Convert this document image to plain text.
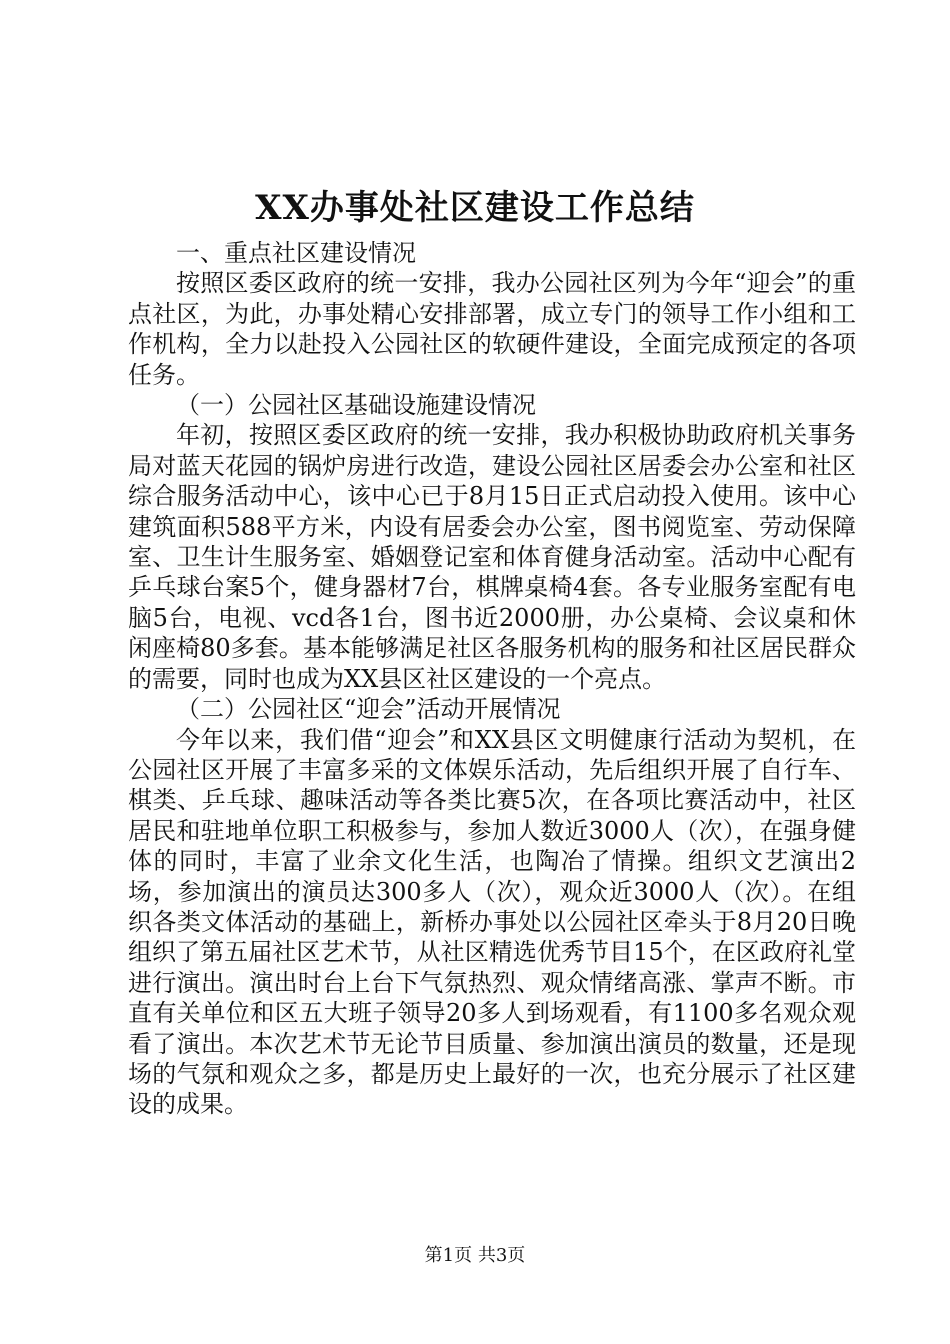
XX办事处社区建设工作总结

一、重点社区建设情况

按照区委区政府的统一安排，我办公园社区列为今年“迎会”的重点社区，为此，办事处精心安排部署，成立专门的领导工作小组和工作机构，全力以赴投入公园社区的软硬件建设，全面完成预定的各项任务。

（一）公园社区基础设施建设情况

年初，按照区委区政府的统一安排，我办积极协助政府机关事务局对蓝天花园的锅炉房进行改造，建设公园社区居委会办公室和社区综合服务活动中心，该中心已于8月15日正式启动投入使用。该中心建筑面积588平方米，内设有居委会办公室，图书阅览室、劳动保障室、卫生计生服务室、婚姻登记室和体育健身活动室。活动中心配有乒乓球台案5个，健身器材7台，棋牌桌椅4套。各专业服务室配有电脑5台，电视、vcd各1台，图书近2000册，办公桌椅、会议桌和休闲座椅80多套。基本能够满足社区各服务机构的服务和社区居民群众的需要，同时也成为XX县区社区建设的一个亮点。

（二）公园社区“迎会”活动开展情况

今年以来，我们借“迎会”和XX县区文明健康行活动为契机，在公园社区开展了丰富多采的文体娱乐活动，先后组织开展了自行车、棋类、乒乓球、趣味活动等各类比赛5次，在各项比赛活动中，社区居民和驻地单位职工积极参与，参加人数近3000人（次），在强身健体的同时，丰富了业余文化生活，也陶冶了情操。组织文艺演出2场，参加演出的演员达300多人（次），观众近3000人（次）。在组织各类文体活动的基础上，新桥办事处以公园社区牵头于8月20日晚组织了第五届社区艺术节，从社区精选优秀节目15个，在区政府礼堂进行演出。演出时台上台下气氛热烈、观众情绪高涨、掌声不断。市直有关单位和区五大班子领导20多人到场观看，有1100多名观众观看了演出。本次艺术节无论节目质量、参加演出演员的数量，还是现场的气氛和观众之多，都是历史上最好的一次，也充分展示了社区建设的成果。

第1页 共3页
